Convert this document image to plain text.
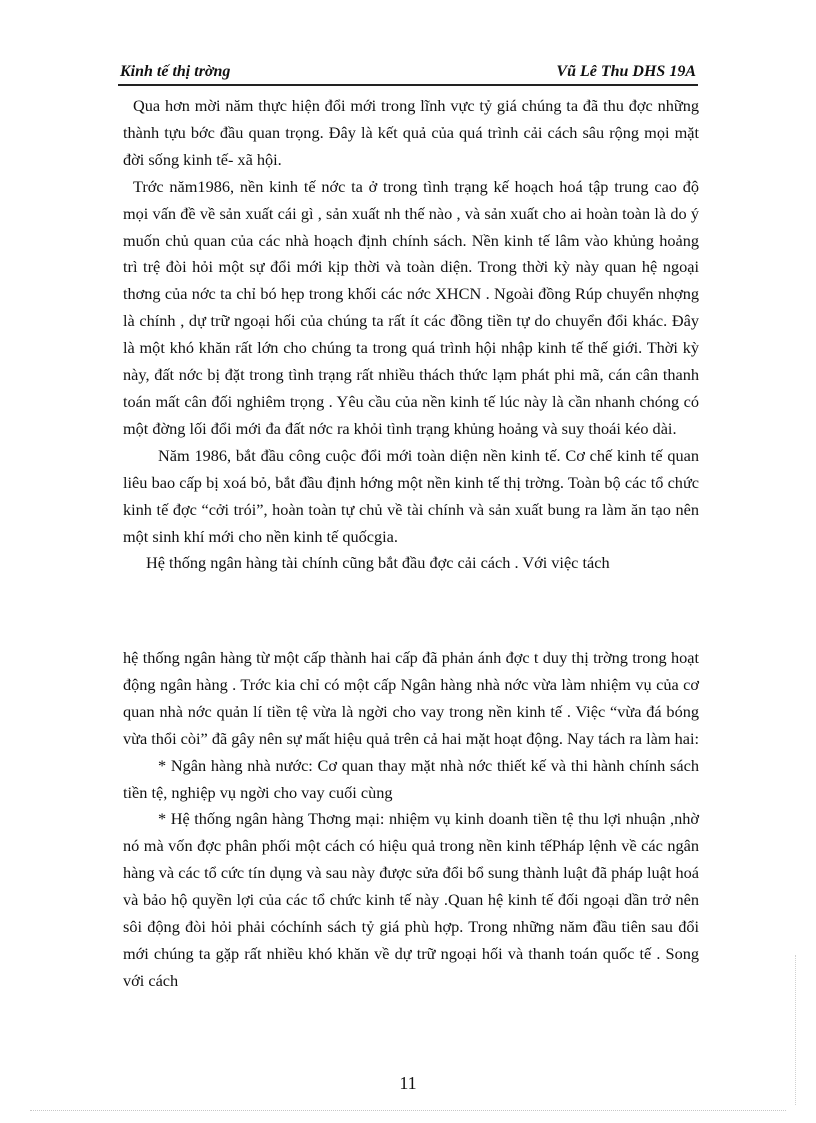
Kinh tế thị trờng	Vũ Lê Thu DHS 19A

Qua hơn mời năm thực hiện đổi mới trong lĩnh vực tỷ giá chúng ta đã thu đợc những thành tựu bớc đầu quan trọng. Đây là kết quả của quá trình cải cách sâu rộng mọi mặt đời sống kinh tế- xã hội.

Trớc năm1986, nền kinh tế nớc ta ở trong tình trạng kế hoạch hoá tập trung cao độ mọi vấn đề về sản xuất cái gì , sản xuất nh thế nào , và sản xuất cho ai hoàn toàn là do ý muốn chủ quan của các nhà hoạch định chính sách. Nền kinh tế lâm vào khủng hoảng trì trệ đòi hỏi một sự đổi mới kịp thời và toàn diện. Trong thời kỳ này quan hệ ngoại thơng của nớc ta chỉ bó hẹp trong khối các nớc XHCN . Ngoài đồng Rúp chuyển nhợng là chính , dự trữ ngoại hối của chúng ta rất ít các đồng tiền tự do chuyển đổi khác. Đây là một khó khăn rất lớn cho chúng ta trong quá trình hội nhập kinh tế thế giới. Thời kỳ này, đất nớc bị đặt trong tình trạng rất nhiều thách thức lạm phát phi mã, cán cân thanh toán mất cân đối nghiêm trọng . Yêu cầu của nền kinh tế lúc này là cần nhanh chóng có một đờng lối đổi mới đa đất nớc ra khỏi tình trạng khủng hoảng và suy thoái kéo dài.

Năm 1986, bắt đầu công cuộc đổi mới toàn diện nền kinh tế. Cơ chế kinh tế quan liêu bao cấp bị xoá bỏ, bắt đầu định hớng một nền kinh tế thị trờng. Toàn bộ các tổ chức kinh tế đợc “cởi trói”, hoàn toàn tự chủ về tài chính và sản xuất bung ra làm ăn tạo nên một sinh khí mới cho nền kinh tế quốcgia.

Hệ thống ngân hàng tài chính cũng bắt đầu đợc cải cách . Với việc tách

hệ thống ngân hàng từ một cấp thành hai cấp đã phản ánh đợc t duy thị trờng trong hoạt động ngân hàng . Trớc kia chỉ có một cấp Ngân hàng nhà nớc vừa làm nhiệm vụ của cơ quan nhà nớc quản lí tiền tệ vừa là ngời cho vay trong nền kinh tế . Việc “vừa đá bóng vừa thổi còi” đã gây nên sự mất hiệu quả trên cả hai mặt hoạt động. Nay tách ra làm hai:

* Ngân hàng nhà nước: Cơ quan thay mặt nhà nớc thiết kế và thi hành chính sách tiền tệ, nghiệp vụ ngời cho vay cuối cùng

* Hệ thống ngân hàng Thơng mại: nhiệm vụ kinh doanh tiền tệ thu lợi nhuận ,nhờ nó mà vốn đợc phân phối một cách có hiệu quả trong nền kinh tếPháp lệnh về các ngân hàng và các tổ cức tín dụng và sau này được sửa đổi bổ sung thành luật đã pháp luật hoá và bảo hộ quyền lợi của các tổ chức kinh tế này .Quan hệ kinh tế đối ngoại dần trở nên sôi động đòi hỏi phải cóchính sách tỷ giá phù hợp. Trong những năm đầu tiên sau đổi mới chúng ta gặp rất nhiều khó khăn về dự trữ ngoại hối và thanh toán quốc tế . Song với cách

11
